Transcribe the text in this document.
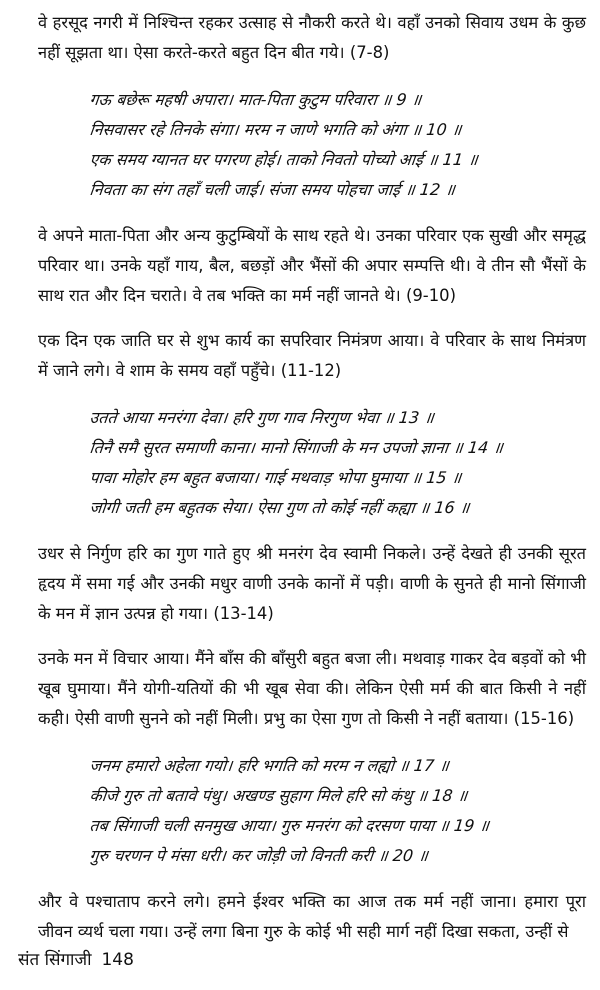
वे हरसूद नगरी में निश्चिन्त रहकर उत्साह से नौकरी करते थे। वहाँ उनको सिवाय उधम के कुछ नहीं सूझता था। ऐसा करते-करते बहुत दिन बीत गये। (7-8)

गऊ बछेरू महषी अपारा। मात-पिता कुटुम परिवारा ॥ 9 ॥
निसवासर रहे तिनके संगा। मरम न जाणे भगति को अंगा ॥ 10 ॥
एक समय ग्यानत घर पगरण होई। ताको निवतो पोच्यो आई ॥ 11 ॥
निवता का संग तहाँ चली जाई। संजा समय पोहचा जाई ॥ 12 ॥

वे अपने माता-पिता और अन्य कुटुम्बियों के साथ रहते थे। उनका परिवार एक सुखी और समृद्ध परिवार था। उनके यहाँ गाय, बैल, बछड़ों और भैंसों की अपार सम्पत्ति थी। वे तीन सौ भैंसों के साथ रात और दिन चराते। वे तब भक्ति का मर्म नहीं जानते थे। (9-10)

एक दिन एक जाति घर से शुभ कार्य का सपरिवार निमंत्रण आया। वे परिवार के साथ निमंत्रण में जाने लगे। वे शाम के समय वहाँ पहुँचे। (11-12)

उतते आया मनरंगा देवा। हरि गुण गाव निरगुण भेवा ॥ 13 ॥
तिनै समै सुरत समाणी काना। मानो सिंगाजी के मन उपजो ज्ञाना ॥ 14 ॥
पावा मोहोर हम बहुत बजाया। गाई मथवाड़ भोपा घुमाया ॥ 15 ॥
जोगी जती हम बहुतक सेया। ऐसा गुण तो कोई नहीं कह्या ॥ 16 ॥

उधर से निर्गुण हरि का गुण गाते हुए श्री मनरंग देव स्वामी निकले। उन्हें देखते ही उनकी सूरत हृदय में समा गई और उनकी मधुर वाणी उनके कानों में पड़ी। वाणी के सुनते ही मानो सिंगाजी के मन में ज्ञान उत्पन्न हो गया। (13-14)

उनके मन में विचार आया। मैंने बाँस की बाँसुरी बहुत बजा ली। मथवाड़ गाकर देव बड़वों को भी खूब घुमाया। मैंने योगी-यतियों की भी खूब सेवा की। लेकिन ऐसी मर्म की बात किसी ने नहीं कही। ऐसी वाणी सुनने को नहीं मिली। प्रभु का ऐसा गुण तो किसी ने नहीं बताया। (15-16)

जनम हमारो अहेला गयो। हरि भगति को मरम न लह्यो ॥ 17 ॥
कीजे गुरु तो बतावे पंथु। अखण्ड सुहाग मिले हरि सो कंथु ॥ 18 ॥
तब सिंगाजी चली सनमुख आया। गुरु मनरंग को दरसण पाया ॥ 19 ॥
गुरु चरणन पे मंसा धरी। कर जोड़ी जो विनती करी ॥ 20 ॥

और वे पश्चाताप करने लगे। हमने ईश्वर भक्ति का आज तक मर्म नहीं जाना। हमारा पूरा जीवन व्यर्थ चला गया। उन्हें लगा बिना गुरु के कोई भी सही मार्ग नहीं दिखा सकता, उन्हीं से

संत सिंगाजी 148
